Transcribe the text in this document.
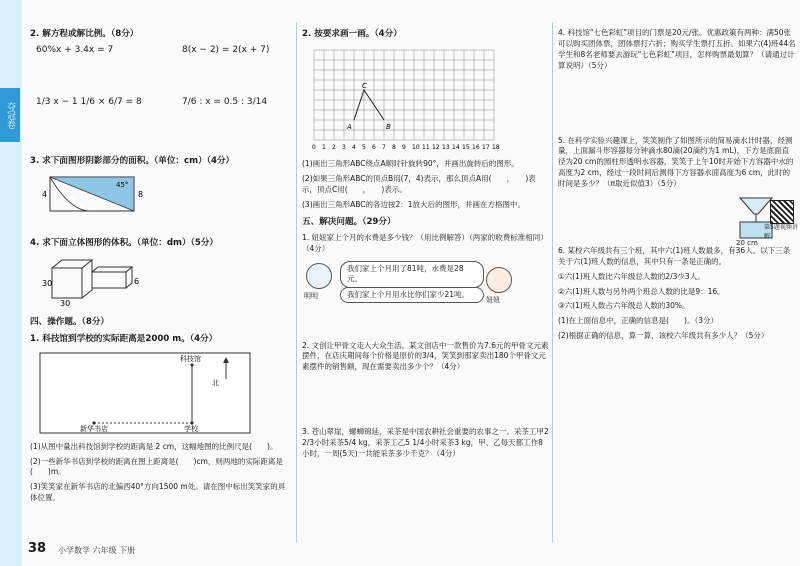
夺冠卷
2. 解方程或解比例。（8分）
60%x + 3.4x = 7	8(x − 2) = 2(x + 7)
1/3 x − 1 1/6 × 6/7 = 8	7/6 : x = 0.5 : 3/14
3. 求下面图形阴影部分的面积。（单位：cm）（4分）
4	8
45°
4. 求下面立体图形的体积。（单位：dm）（5分）
30
30
6
四、操作题。（8分）
1. 科技馆到学校的实际距离是2000 m。（4分）
北
科技馆
新华书店	学校
(1)从图中量出科技馆到学校的距离是 2 cm，这幅地图的比例尺是(　　)。
(2)一些新华书店到学校的距离在图上距离是(　　)cm，则两地的实际距离是(　　)m。
(3)笑笑家在新华书店的北偏西40°方向1500 m处。请在图中标出笑笑家的具体位置。
2. 按要求画一画。（4分）
0 1 2 3 4 5 6 7 8 9 10 11 12 13 14 15 16 17 18
A	B
C
(1)画出三角形ABC绕点A顺时针旋转90°，并画出旋转后的图形。
(2)如果三角形ABC的顶点B用(7，4)表示，那么顶点A用(　　，　　)表示，顶点C用(　　，　　)表示。
(3)画出三角形ABC的各边按2：1放大后的图形，并画在方格图中。
五、解决问题。（29分）
1. 妞妞家上个月的水费是多少钱？（用比例解答）（两家的收费标准相同）（4分）
明明
我们家上个月用了81吨，水费是28元。
我们家上个月用水比你们家少21吨。
妞妞
2. 文创让甲骨文走入大众生活。某文创店中一款售价为7.6元的甲骨文元素摆件，在店庆期间每个价格是原价的3/4，笑笑到那家卖出180个甲骨文元素摆件的销售额，现在需要卖出多少个？（4分）
3. 苍山翠崖，螺蛳锦延，采茶是中国农耕社会重要的农事之一。采茶工甲2 2/3小时采茶5/4 kg，采茶工乙5 1/4小时采茶3 kg，甲、乙每天都工作8小时，一周(5天)一共能采茶多少千克？（4分）
4. 科技馆"七色彩虹"项目的门票是20元/张。优惠政策有两种：满50张可以购买团体票，团体票打六折；购买学生票打五折。如果六(4)班44名学生和8名老师要去游玩"七色彩虹"项目，怎样购票最划算？（请通过计算说明）（5分）
5. 在科学实验兴趣课上，笑笑制作了如图所示的简易滴水计时器，经测量，上面漏斗形容器每分钟滴水80滴(20滴约为1 mL)，下方是底面直径为20 cm的圆柱形透明水容器，笑笑于上午10时开始下方容器中水的高度为2 cm，经过一段时间后测得下方容器水面高度为6 cm，此时的时间是多少？（π取近似值3）（5分）
20 cm
第5题视频讲解
6. 某校六年级共有三个班，其中六(1)班人数最多，有36人。以下三条关于六(1)班人数的信息，其中只有一条是正确的。
①六(1)班人数比六年级总人数的2/3少3人。
②六(1)班人数与另外两个班总人数的比是9：16。
③六(1)班人数占六年级总人数的30%。
(1)在上面信息中，正确的信息是(　　)。（3分）
(2)根据正确的信息，算一算，该校六年级共有多少人？（5分）
38 小学数学 六年级 下册
